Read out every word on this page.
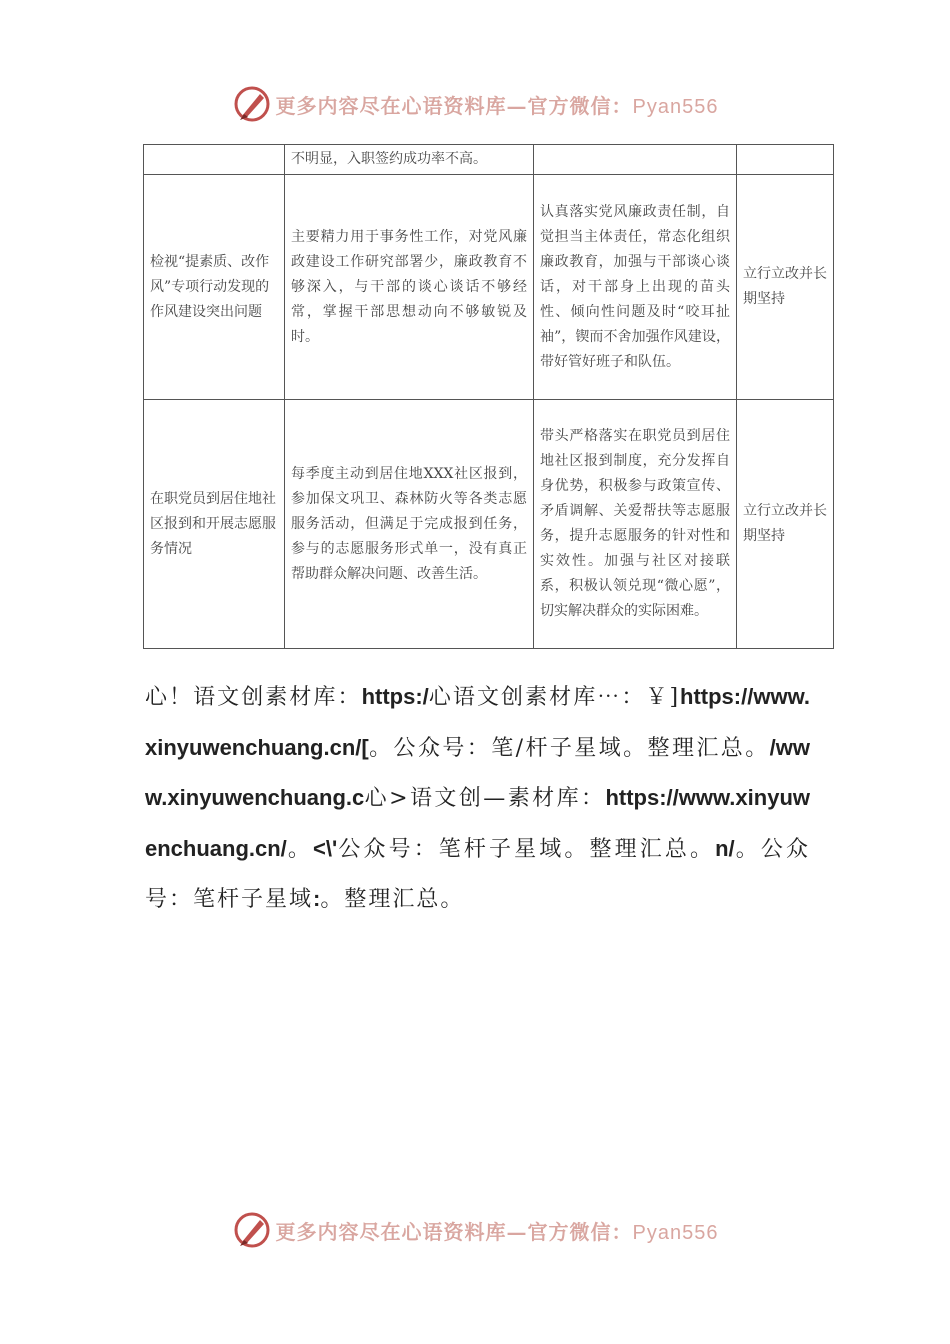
更多内容尽在心语资料库—官方微信：Pyan556
	不明显，入职签约成功率不高。		
检视“提素质、改作风”专项行动发现的作风建设突出问题	主要精力用于事务性工作，对党风廉政建设工作研究部署少，廉政教育不够深入，与干部的谈心谈话不够经常，掌握干部思想动向不够敏锐及时。	认真落实党风廉政责任制，自觉担当主体责任，常态化组织廉政教育，加强与干部谈心谈话，对干部身上出现的苗头性、倾向性问题及时“咬耳扯袖”，锲而不舍加强作风建设，带好管好班子和队伍。	立行立改并长期坚持
在职党员到居住地社区报到和开展志愿服务情况	每季度主动到居住地XXX社区报到，参加保文巩卫、森林防火等各类志愿服务活动，但满足于完成报到任务，参与的志愿服务形式单一，没有真正帮助群众解决问题、改善生活。	带头严格落实在职党员到居住地社区报到制度，充分发挥自身优势，积极参与政策宣传、矛盾调解、关爱帮扶等志愿服务，提升志愿服务的针对性和实效性。加强与社区对接联系，积极认领兑现“微心愿”，切实解决群众的实际困难。	立行立改并长期坚持
心！语文创素材库：https:/心语文创素材库⋯：￥]https://www.xinyuwenchuang.cn/[。公众号：笔/杆子星域。整理汇总。/www.xinyuwenchuang.c心>语文创—素材库：https://www.xinyuwenchuang.cn/。<\'公众号：笔杆子星域。整理汇总。n/。公众号：笔杆子星域:。整理汇总。
更多内容尽在心语资料库—官方微信：Pyan556
